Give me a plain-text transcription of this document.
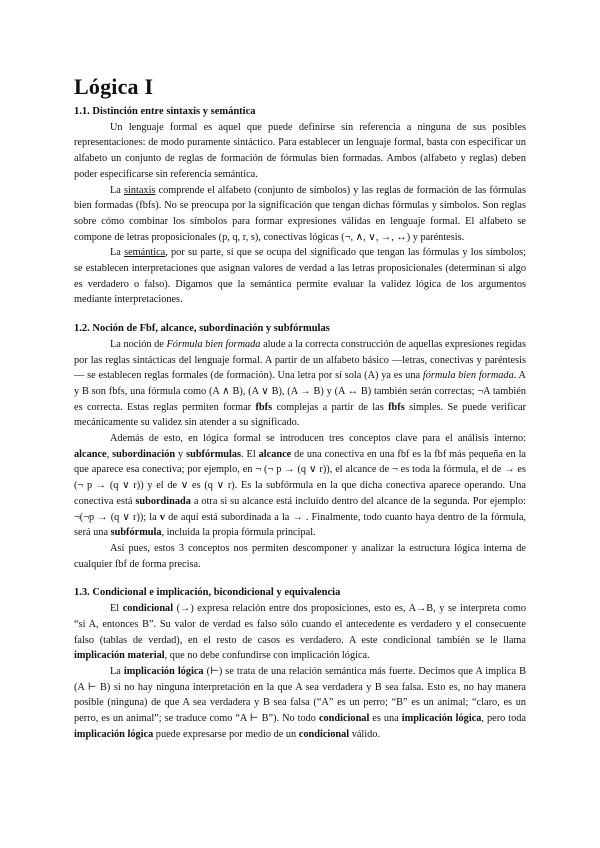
Lógica I
1.1. Distinción entre sintaxis y semántica

Un lenguaje formal es aquel que puede definirse sin referencia a ninguna de sus posibles representaciones: de modo puramente sintáctico. Para establecer un lenguaje formal, basta con especificar un alfabeto un conjunto de reglas de formación de fórmulas bien formadas. Ambos (alfabeto y reglas) deben poder especificarse sin referencia semántica.

La sintaxis comprende el alfabeto (conjunto de símbolos) y las reglas de formación de las fórmulas bien formadas (fbfs). No se preocupa por la significación que tengan dichas fórmulas y símbolos. Son reglas sobre cómo combinar los símbolos para formar expresiones válidas en lenguaje formal. El alfabeto se compone de letras proposicionales (p, q, r, s), conectivas lógicas (¬, ∧, ∨, →, ↔) y paréntesis.

La semántica, por su parte, sí que se ocupa del significado que tengan las fórmulas y los símbolos; se establecen interpretaciones que asignan valores de verdad a las letras proposicionales (determinan si algo es verdadero o falso). Digamos que la semántica permite evaluar la validez lógica de los argumentos mediante interpretaciones.

1.2. Noción de Fbf, alcance, subordinación y subfórmulas

La noción de Fórmula bien formada alude a la correcta construcción de aquellas expresiones regidas por las reglas sintácticas del lenguaje formal. A partir de un alfabeto básico —letras, conectivas y paréntesis— se establecen reglas formales (de formación). Una letra por sí sola (A) ya es una fórmula bien formada. A y B son fbfs, una fórmula como (A ∧ B), (A ∨ B), (A → B) y (A ↔ B) también serán correctas; ¬A también es correcta. Estas reglas permiten formar fbfs complejas a partir de las fbfs simples. Se puede verificar mecánicamente su validez sin atender a su significado.

Además de esto, en lógica formal se introducen tres conceptos clave para el análisis interno: alcance, subordinación y subfórmulas. El alcance de una conectiva en una fbf es la fbf más pequeña en la que aparece esa conectiva; por ejemplo, en ¬ (¬ p → (q ∨ r)), el alcance de ¬ es toda la fórmula, el de → es (¬ p → (q ∨ r)) y el de ∨ es (q ∨ r). Es la subfórmula en la que dicha conectiva aparece operando. Una conectiva está subordinada a otra si su alcance está incluido dentro del alcance de la segunda. Por ejemplo: ¬(¬p → (q ∨ r)); la v de aquí está subordinada a la → . Finalmente, todo cuanto haya dentro de la fórmula, será una subfórmula, incluida la propia fórmula principal.

Así pues, estos 3 conceptos nos permiten descomponer y analizar la estructura lógica interna de cualquier fbf de forma precisa.

1.3. Condicional e implicación, bicondicional y equivalencia

El condicional (→) expresa relación entre dos proposiciones, esto es, A→B, y se interpreta como “si A, entonces B”. Su valor de verdad es falso sólo cuando el antecedente es verdadero y el consecuente falso (tablas de verdad), en el resto de casos es verdadero. A este condicional también se le llama implicación material, que no debe confundirse con implicación lógica.

La implicación lógica (⊢) se trata de una relación semántica más fuerte. Decimos que A implica B (A ⊢ B) si no hay ninguna interpretación en la que A sea verdadera y B sea falsa. Esto es, no hay manera posible (ninguna) de que A sea verdadera y B sea falsa (“A” es un perro; “B” es un animal; “claro, es un perro, es un animal”; se traduce como “A ⊢ B”). No todo condicional es una implicación lógica, pero toda implicación lógica puede expresarse por medio de un condicional válido.
